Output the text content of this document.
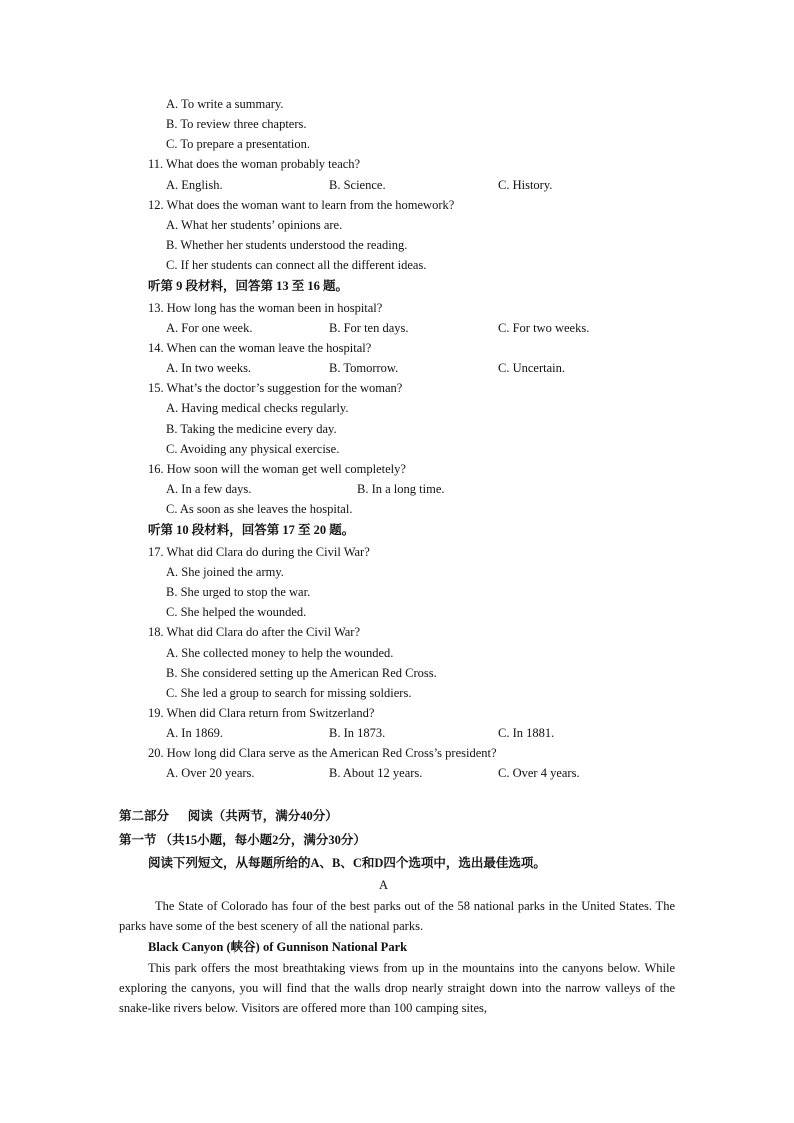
A. To write a summary.
B. To review three chapters.
C. To prepare a presentation.
11. What does the woman probably teach?
A. English.	B. Science.	C. History.
12. What does the woman want to learn from the homework?
A. What her students’ opinions are.
B. Whether her students understood the reading.
C. If her students can connect all the different ideas.
听第 9 段材料，回答第 13 至 16 题。
13. How long has the woman been in hospital?
A. For one week.	B. For ten days.	C. For two weeks.
14. When can the woman leave the hospital?
A. In two weeks.	B. Tomorrow.	C. Uncertain.
15. What’s the doctor’s suggestion for the woman?
A. Having medical checks regularly.
B. Taking the medicine every day.
C. Avoiding any physical exercise.
16. How soon will the woman get well completely?
A. In a few days.	B. In a long time.
C. As soon as she leaves the hospital.
听第 10 段材料，回答第 17 至 20 题。
17. What did Clara do during the Civil War?
A. She joined the army.
B. She urged to stop the war.
C. She helped the wounded.
18. What did Clara do after the Civil War?
A. She collected money to help the wounded.
B. She considered setting up the American Red Cross.
C. She led a group to search for missing soldiers.
19. When did Clara return from Switzerland?
A. In 1869.	B. In 1873.	C. In 1881.
20. How long did Clara serve as the American Red Cross’s president?
A. Over 20 years.	B. About 12 years.	C. Over 4 years.
第二部分      阅读（共两节，满分40分）
第一节 （共15小题，每小题2分，满分30分）
阅读下列短文，从每题所给的A、B、C和D四个选项中，选出最佳选项。
A
The State of Colorado has four of the best parks out of the 58 national parks in the United States. The parks have some of the best scenery of all the national parks.
Black Canyon (峡谷) of Gunnison National Park
This park offers the most breathtaking views from up in the mountains into the canyons below. While exploring the canyons, you will find that the walls drop nearly straight down into the narrow valleys of the snake-like rivers below. Visitors are offered more than 100 camping sites,
